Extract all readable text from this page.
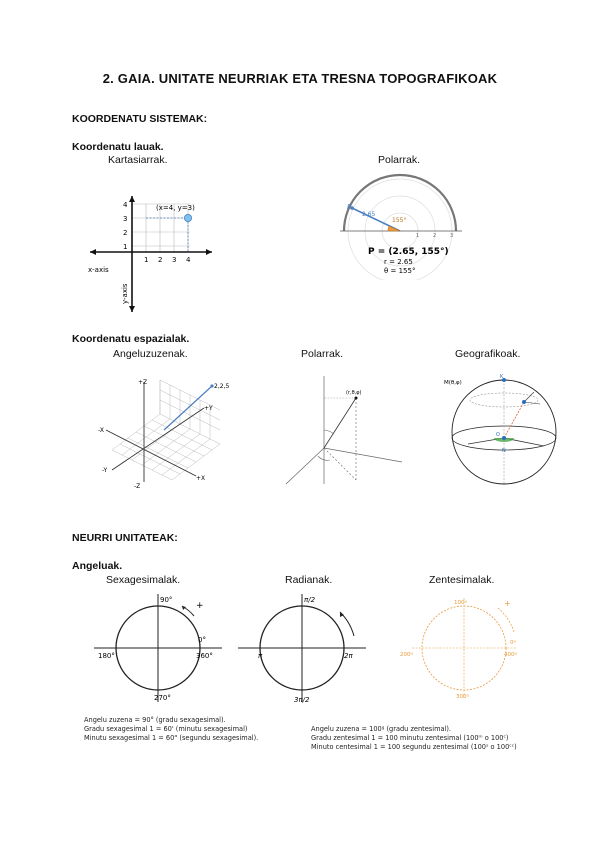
2. GAIA. UNITATE NEURRIAK ETA TRESNA TOPOGRAFIKOAK
KOORDENATU SISTEMAK:
Koordenatu lauak.
Kartasiarrak.	Polarrak.
(x=4, y=3)
1 2 3 4
1
2
3
4
x-axis
y-axis
P
2.65
155°
1	2	3
P = (2.65, 155°)
r = 2.65
θ = 155°
Koordenatu espazialak.
Angeluzuzenak.	Polarrak.	Geografikoak.
2,2,5
+Z
-Z
+X
-X
+Y
-Y
(r,θ,φ)
K
O
N
M(θ,φ)
NEURRI UNITATEAK:
Angeluak.
Sexagesimalak.	Radianak.	Zentesimalak.
90°
+
0°
360°
180°
270°
π/2
2π
π
3π/2
100ᵍ	+
0ᵍ
400ᵍ
200ᵍ
300ᵍ
Angelu zuzena = 90° (gradu sexagesimal).
Gradu sexagesimal 1 = 60' (minutu sexagesimal)
Minutu sexagesimal 1 = 60" (segundu sexagesimal).
Angelu zuzena = 100ᵍ (gradu zentesimal).
Gradu zentesimal 1 = 100 minutu zentesimal (100ᵐ o 100ᶜ)
Minuto centesimal 1 = 100 segundu zentesimal (100ˢ o 100ᶜᶜ)
